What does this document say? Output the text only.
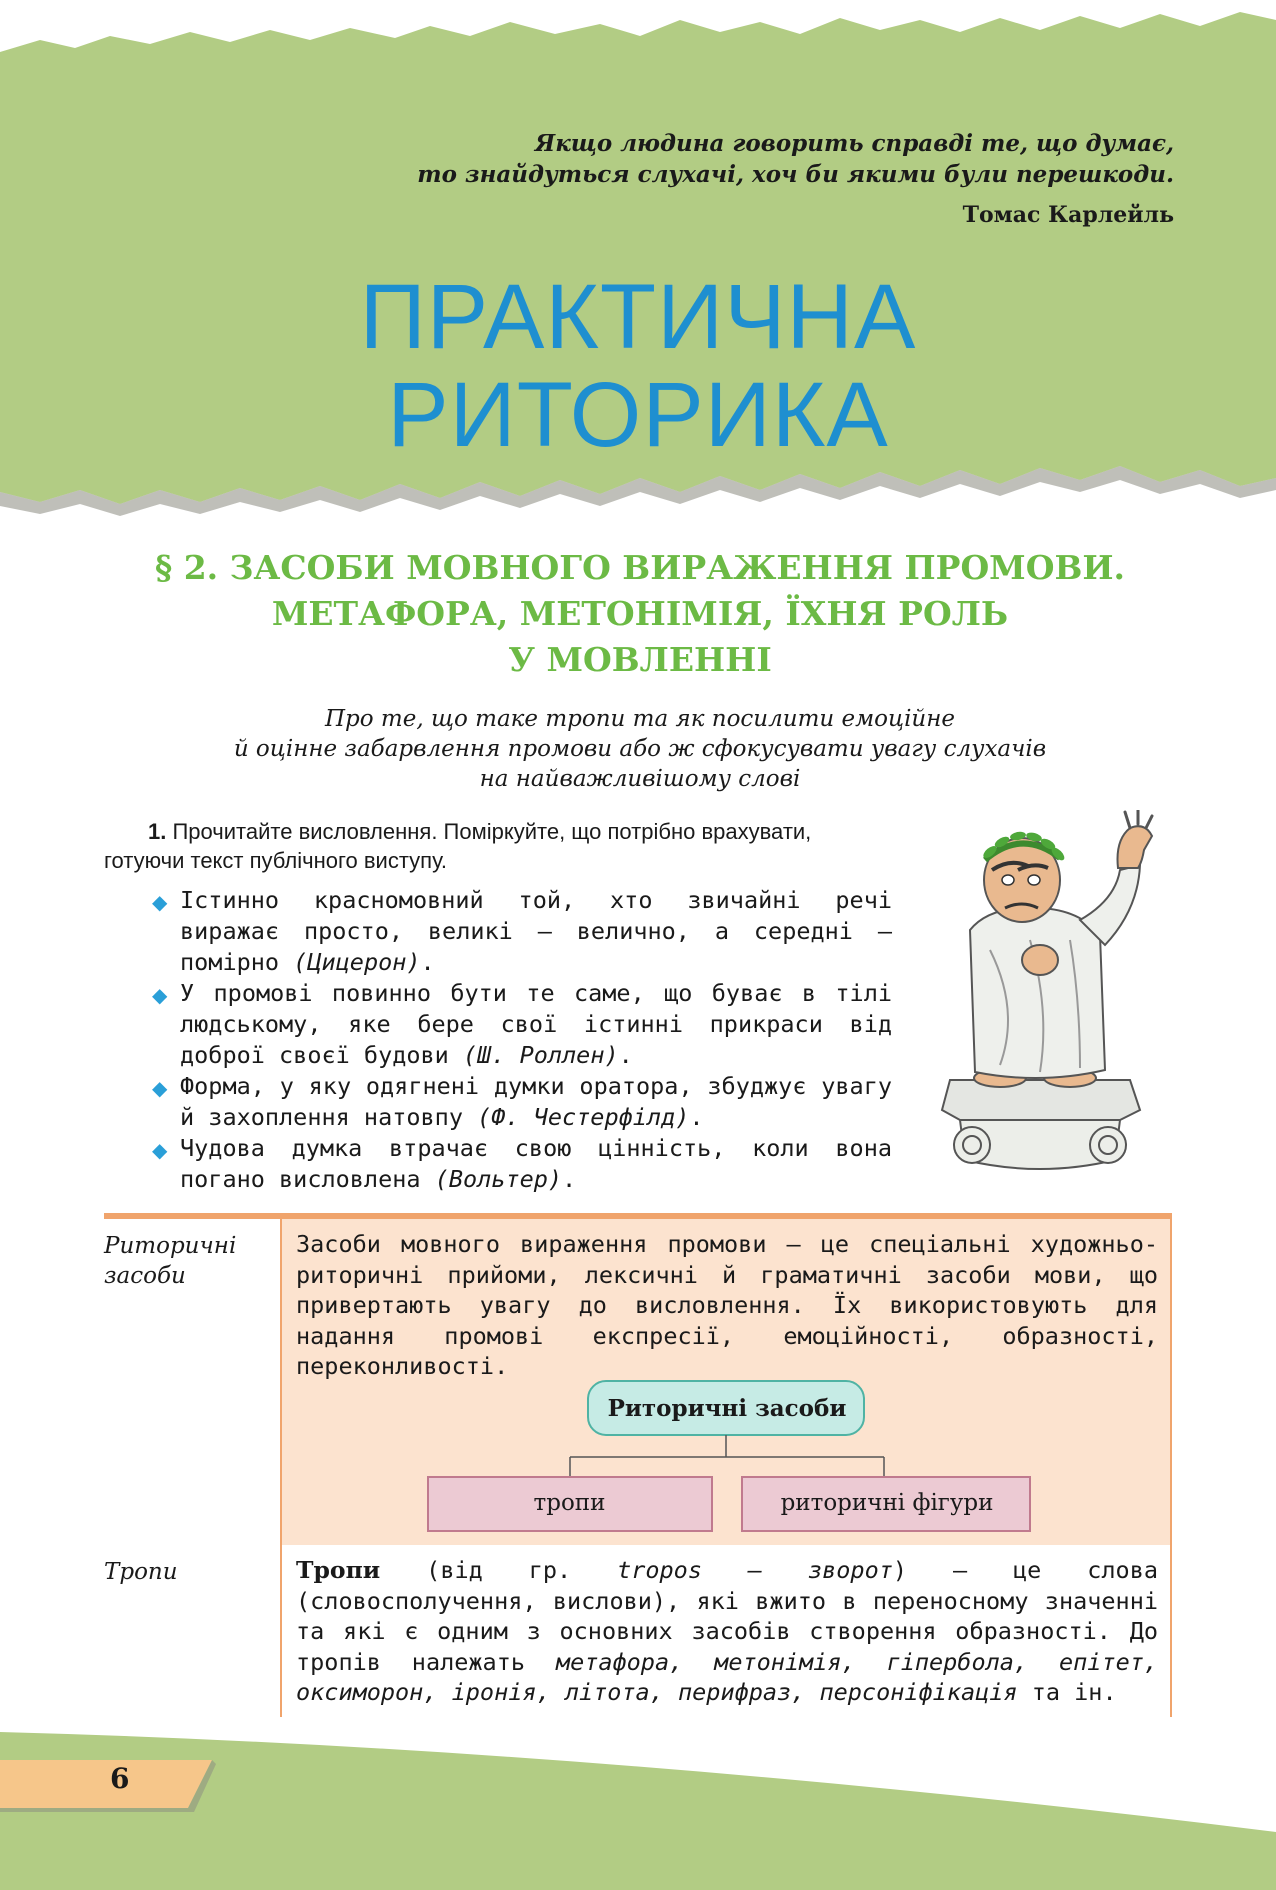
Якщо людина говорить справді те, що думає,
то знайдуться слухачі, хоч би якими були перешкоди.
Томас Карлейль
ПРАКТИЧНА
РИТОРИКА
§ 2. ЗАСОБИ МОВНОГО ВИРАЖЕННЯ ПРОМОВИ.
МЕТАФОРА, МЕТОНІМІЯ, ЇХНЯ РОЛЬ
У МОВЛЕННІ
Про те, що таке тропи та як посилити емоційне
й оцінне забарвлення промови або ж сфокусувати увагу слухачів
на найважливішому слові
1. Прочитайте висловлення. Поміркуйте, що потрібно врахувати, готуючи текст публічного виступу.
◆ Істинно красномовний той, хто звичайні речі виражає просто, великі – велично, а середні – помірно (Цицерон).
◆ У промові повинно бути те саме, що буває в тілі людському, яке бере свої істинні прикраси від доброї своєї будови (Ш. Роллен).
◆ Форма, у яку одягнені думки оратора, збуджує увагу й захоплення натовпу (Ф. Честерфілд).
◆ Чудова думка втрачає свою цінність, коли вона погано висловлена (Вольтер).
Риторичні засоби
Засоби мовного вираження промови – це спеціальні художньо-риторичні прийоми, лексичні й граматичні засоби мови, що привертають увагу до висловлення. Їх використовують для надання промові експресії, емоційності, образності, переконливості.
Риторичні засоби
тропи	риторичні фігури
Тропи	Тропи (від гр. tropos – зворот) – це слова (словосполучення, вислови), які вжито в переносному значенні та які є одним з основних засобів створення образності. До тропів належать метафора, метонімія, гіпербола, епітет, оксиморон, іронія, літота, перифраз, персоніфікація та ін.
6
